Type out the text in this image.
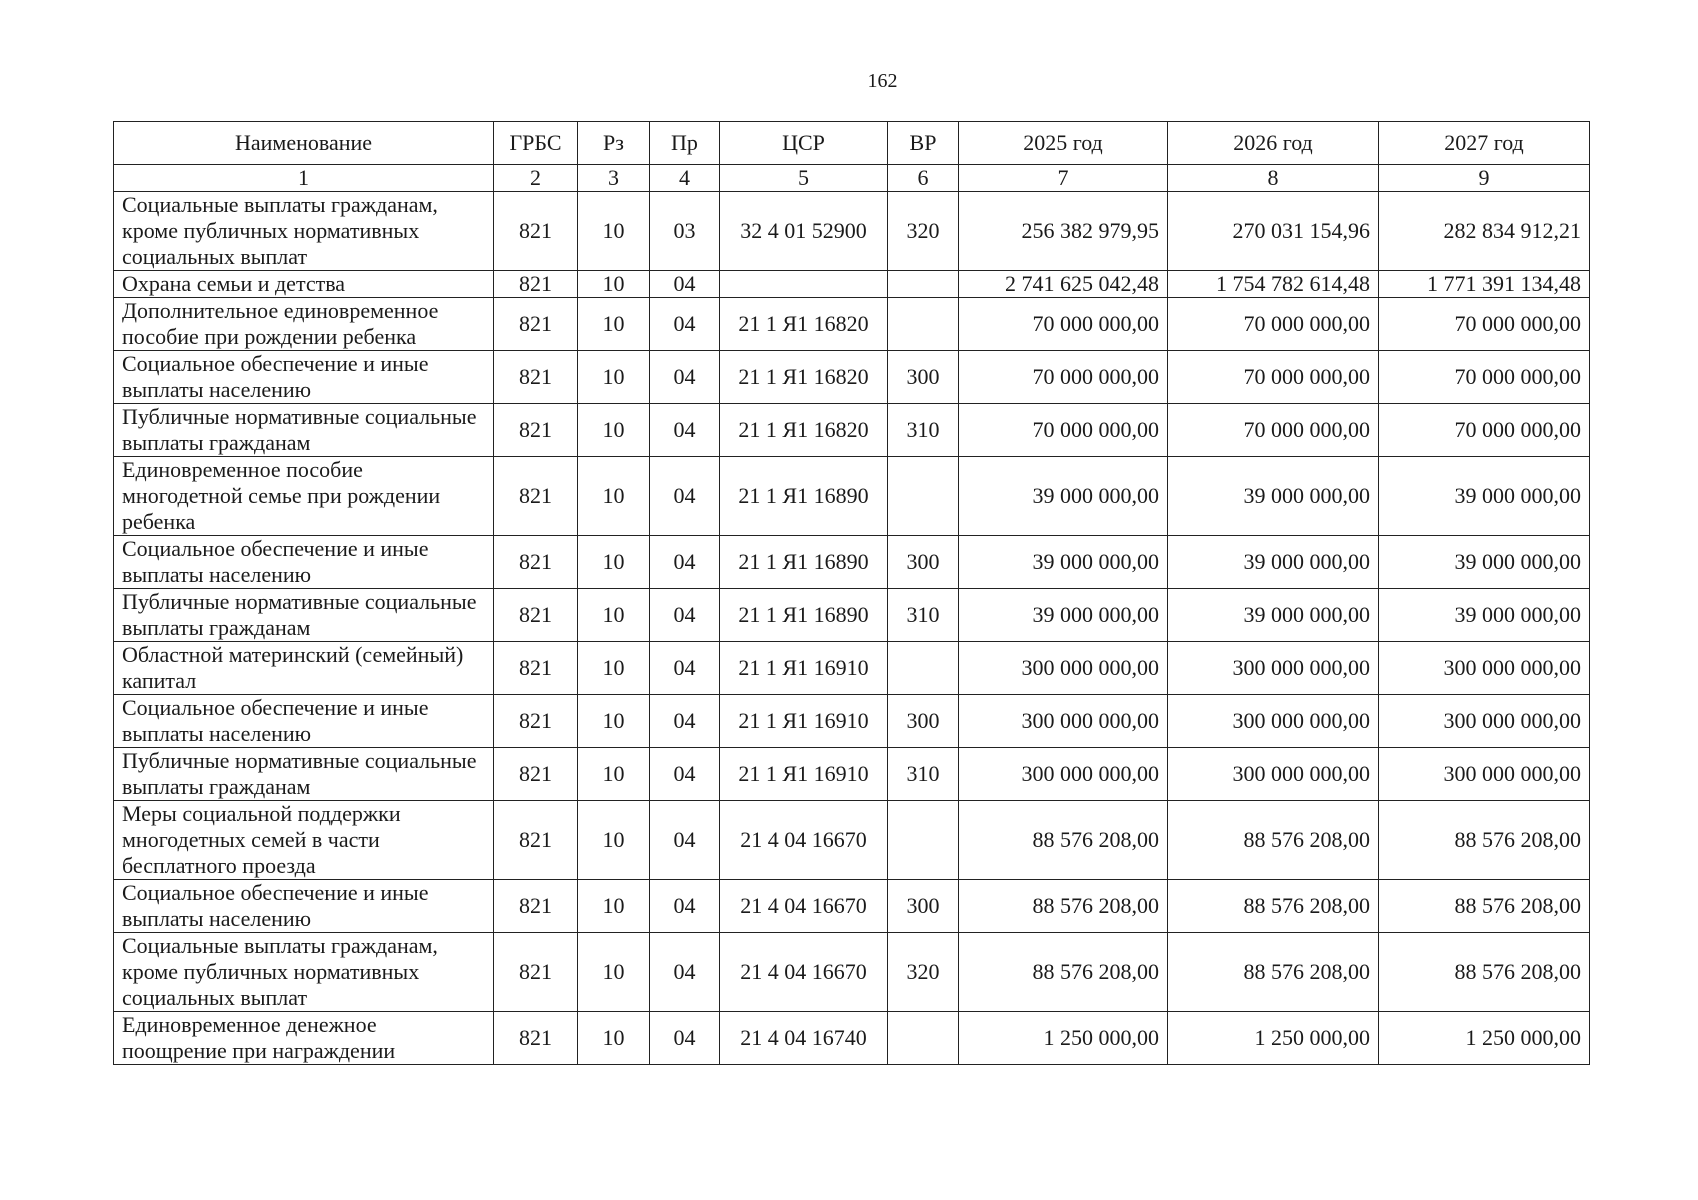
162
Наименование	ГРБС	Рз	Пр	ЦСР	ВР	2025 год	2026 год	2027 год
1	2	3	4	5	6	7	8	9
Социальные выплаты гражданам, кроме публичных нормативных социальных выплат	821	10	03	32 4 01 52900	320	256 382 979,95	270 031 154,96	282 834 912,21
Охрана семьи и детства	821	10	04			2 741 625 042,48	1 754 782 614,48	1 771 391 134,48
Дополнительное единовременное пособие при рождении ребенка	821	10	04	21 1 Я1 16820		70 000 000,00	70 000 000,00	70 000 000,00
Социальное обеспечение и иные выплаты населению	821	10	04	21 1 Я1 16820	300	70 000 000,00	70 000 000,00	70 000 000,00
Публичные нормативные социальные выплаты гражданам	821	10	04	21 1 Я1 16820	310	70 000 000,00	70 000 000,00	70 000 000,00
Единовременное пособие многодетной семье при рождении ребенка	821	10	04	21 1 Я1 16890		39 000 000,00	39 000 000,00	39 000 000,00
Социальное обеспечение и иные выплаты населению	821	10	04	21 1 Я1 16890	300	39 000 000,00	39 000 000,00	39 000 000,00
Публичные нормативные социальные выплаты гражданам	821	10	04	21 1 Я1 16890	310	39 000 000,00	39 000 000,00	39 000 000,00
Областной материнский (семейный) капитал	821	10	04	21 1 Я1 16910		300 000 000,00	300 000 000,00	300 000 000,00
Социальное обеспечение и иные выплаты населению	821	10	04	21 1 Я1 16910	300	300 000 000,00	300 000 000,00	300 000 000,00
Публичные нормативные социальные выплаты гражданам	821	10	04	21 1 Я1 16910	310	300 000 000,00	300 000 000,00	300 000 000,00
Меры социальной поддержки многодетных семей в части бесплатного проезда	821	10	04	21 4 04 16670		88 576 208,00	88 576 208,00	88 576 208,00
Социальное обеспечение и иные выплаты населению	821	10	04	21 4 04 16670	300	88 576 208,00	88 576 208,00	88 576 208,00
Социальные выплаты гражданам, кроме публичных нормативных социальных выплат	821	10	04	21 4 04 16670	320	88 576 208,00	88 576 208,00	88 576 208,00
Единовременное денежное поощрение при награждении	821	10	04	21 4 04 16740		1 250 000,00	1 250 000,00	1 250 000,00
